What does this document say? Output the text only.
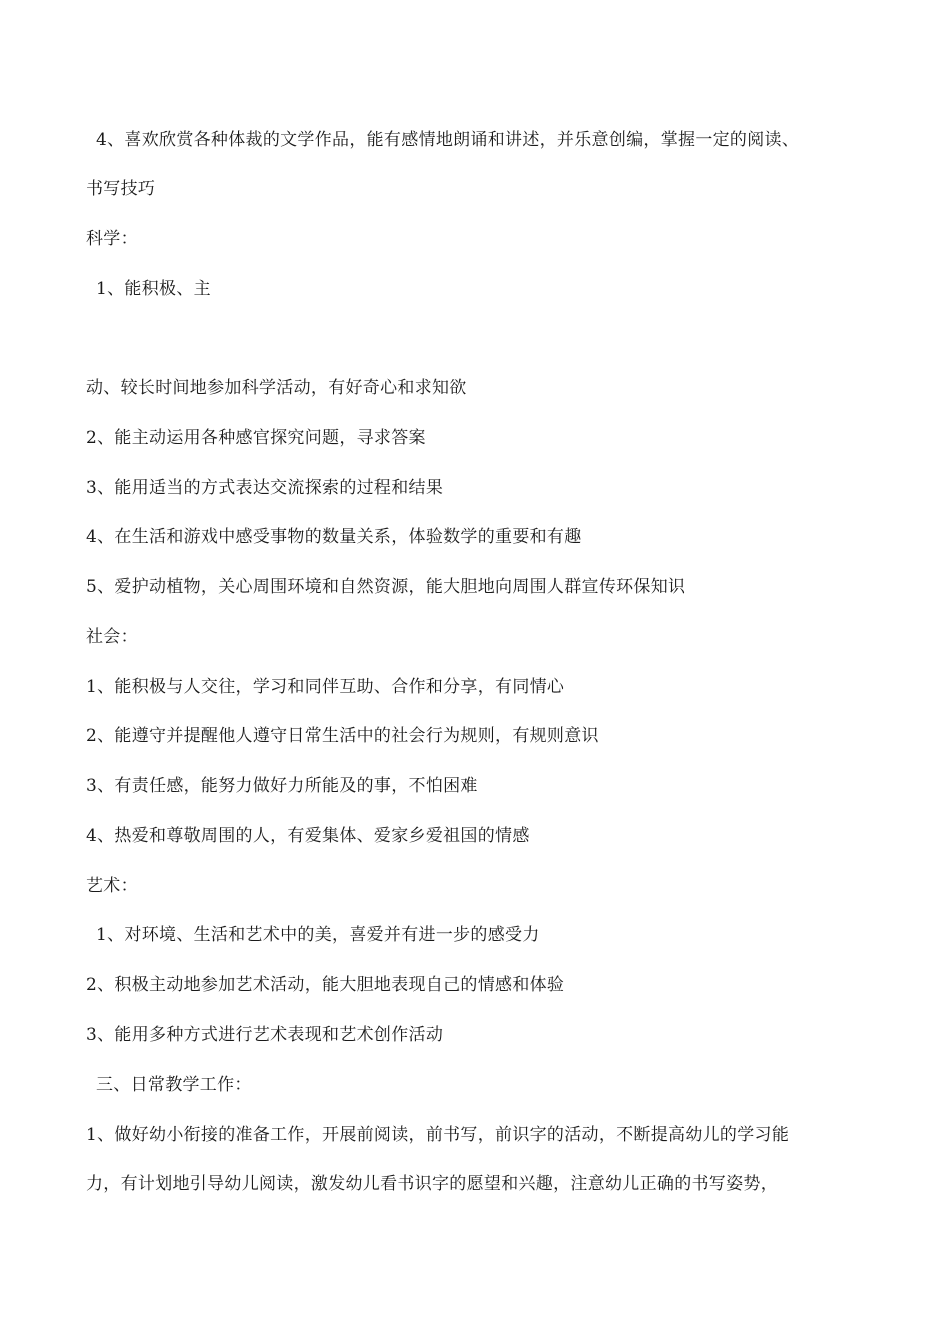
4、喜欢欣赏各种体裁的文学作品，能有感情地朗诵和讲述，并乐意创编，掌握一定的阅读、
书写技巧
科学：
1、能积极、主
动、较长时间地参加科学活动，有好奇心和求知欲
2、能主动运用各种感官探究问题，寻求答案
3、能用适当的方式表达交流探索的过程和结果
4、在生活和游戏中感受事物的数量关系，体验数学的重要和有趣
5、爱护动植物，关心周围环境和自然资源，能大胆地向周围人群宣传环保知识
社会：
1、能积极与人交往，学习和同伴互助、合作和分享，有同情心
2、能遵守并提醒他人遵守日常生活中的社会行为规则，有规则意识
3、有责任感，能努力做好力所能及的事，不怕困难
4、热爱和尊敬周围的人，有爱集体、爱家乡爱祖国的情感
艺术：
1、对环境、生活和艺术中的美，喜爱并有进一步的感受力
2、积极主动地参加艺术活动，能大胆地表现自己的情感和体验
3、能用多种方式进行艺术表现和艺术创作活动
三、日常教学工作：
1、做好幼小衔接的准备工作，开展前阅读，前书写，前识字的活动，不断提高幼儿的学习能
力，有计划地引导幼儿阅读，激发幼儿看书识字的愿望和兴趣，注意幼儿正确的书写姿势，
